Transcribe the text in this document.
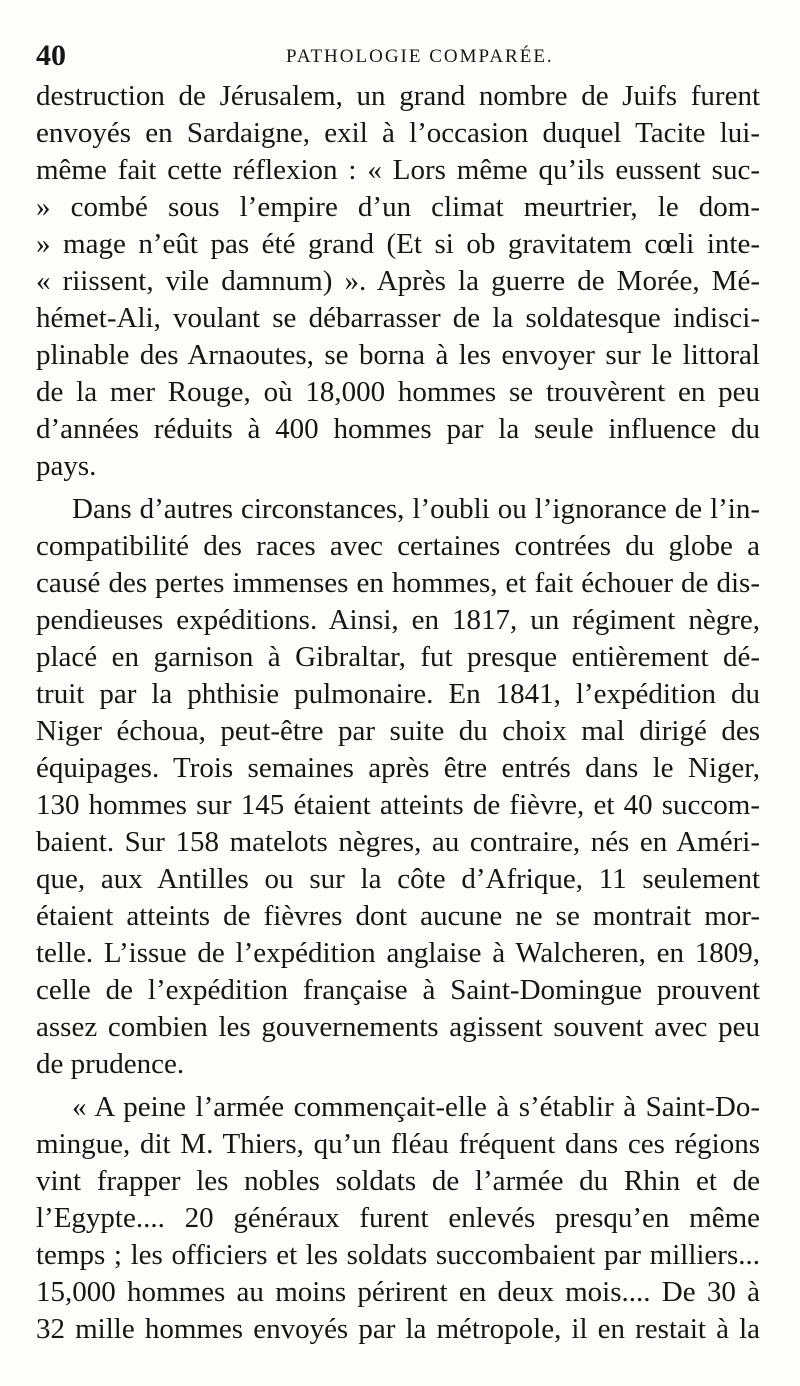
40	PATHOLOGIE COMPARÉE.
destruction de Jérusalem, un grand nombre de Juifs furent
envoyés en Sardaigne, exil à l’occasion duquel Tacite lui-
même fait cette réflexion : « Lors même qu’ils eussent suc-
» combé sous l’empire d’un climat meurtrier, le dom-
» mage n’eût pas été grand (Et si ob gravitatem cœli inte-
« riissent, vile damnum) ». Après la guerre de Morée, Mé-
hémet-Ali, voulant se débarrasser de la soldatesque indisci-
plinable des Arnaoutes, se borna à les envoyer sur le littoral
de la mer Rouge, où 18,000 hommes se trouvèrent en peu
d’années réduits à 400 hommes par la seule influence du
pays.
Dans d’autres circonstances, l’oubli ou l’ignorance de l’in-
compatibilité des races avec certaines contrées du globe a
causé des pertes immenses en hommes, et fait échouer de dis-
pendieuses expéditions. Ainsi, en 1817, un régiment nègre,
placé en garnison à Gibraltar, fut presque entièrement dé-
truit par la phthisie pulmonaire. En 1841, l’expédition du
Niger échoua, peut-être par suite du choix mal dirigé des
équipages. Trois semaines après être entrés dans le Niger,
130 hommes sur 145 étaient atteints de fièvre, et 40 succom-
baient. Sur 158 matelots nègres, au contraire, nés en Améri-
que, aux Antilles ou sur la côte d’Afrique, 11 seulement
étaient atteints de fièvres dont aucune ne se montrait mor-
telle. L’issue de l’expédition anglaise à Walcheren, en 1809,
celle de l’expédition française à Saint-Domingue prouvent
assez combien les gouvernements agissent souvent avec peu
de prudence.
« A peine l’armée commençait-elle à s’établir à Saint-Do-
mingue, dit M. Thiers, qu’un fléau fréquent dans ces régions
vint frapper les nobles soldats de l’armée du Rhin et de
l’Egypte.... 20 généraux furent enlevés presqu’en même
temps ; les officiers et les soldats succombaient par milliers...
15,000 hommes au moins périrent en deux mois.... De 30 à
32 mille hommes envoyés par la métropole, il en restait à la
